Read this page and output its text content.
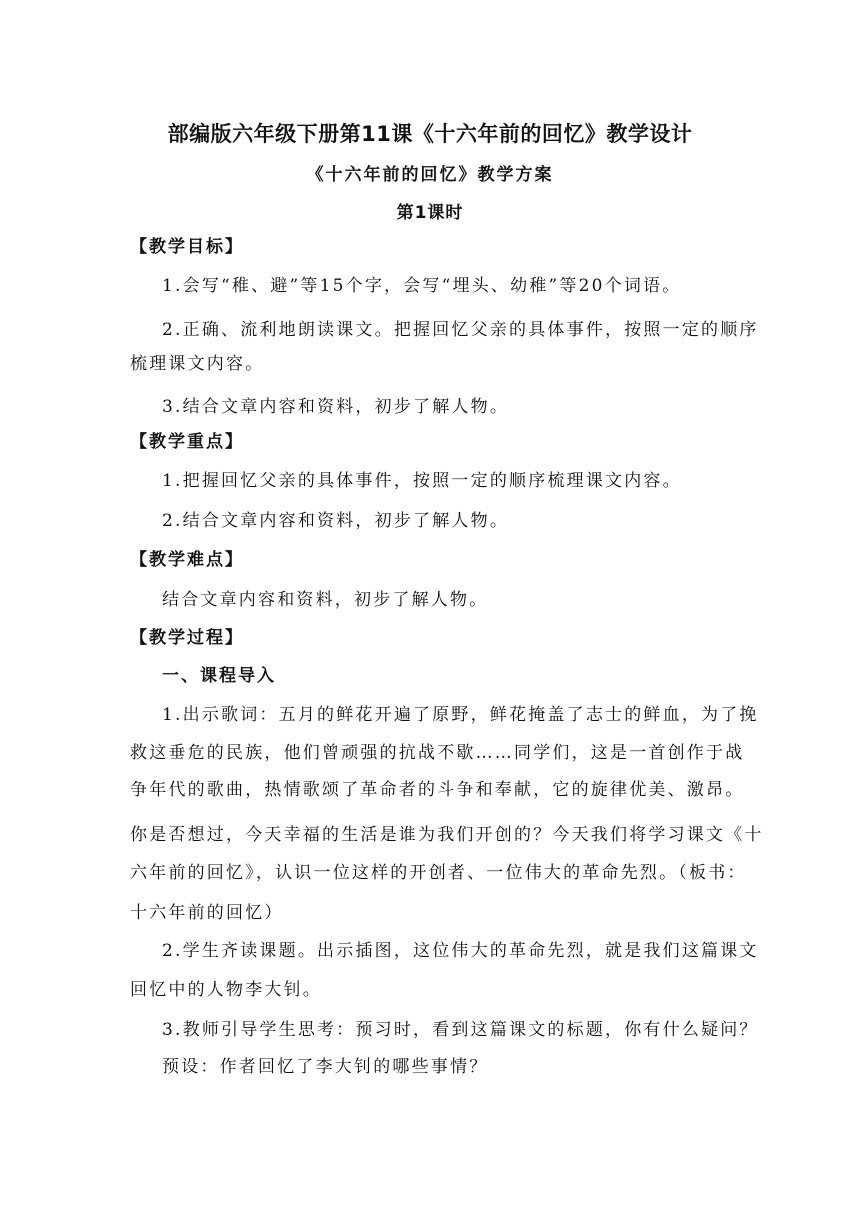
部编版六年级下册第11课《十六年前的回忆》教学设计
《十六年前的回忆》教学方案
第1课时
【教学目标】
1.会写“稚、避”等15个字，会写“埋头、幼稚”等20个词语。
2.正确、流利地朗读课文。把握回忆父亲的具体事件，按照一定的顺序
梳理课文内容。
3.结合文章内容和资料，初步了解人物。
【教学重点】
1.把握回忆父亲的具体事件，按照一定的顺序梳理课文内容。
2.结合文章内容和资料，初步了解人物。
【教学难点】
结合文章内容和资料，初步了解人物。
【教学过程】
一、课程导入
1.出示歌词：五月的鲜花开遍了原野，鲜花掩盖了志士的鲜血，为了挽
救这垂危的民族，他们曾顽强的抗战不歇……同学们，这是一首创作于战
争年代的歌曲，热情歌颂了革命者的斗争和奉献，它的旋律优美、激昂。
你是否想过，今天幸福的生活是谁为我们开创的？今天我们将学习课文《十
六年前的回忆》，认识一位这样的开创者、一位伟大的革命先烈。（板书：
十六年前的回忆）
2.学生齐读课题。出示插图，这位伟大的革命先烈，就是我们这篇课文
回忆中的人物李大钊。
3.教师引导学生思考：预习时，看到这篇课文的标题，你有什么疑问？
预设：作者回忆了李大钊的哪些事情？
